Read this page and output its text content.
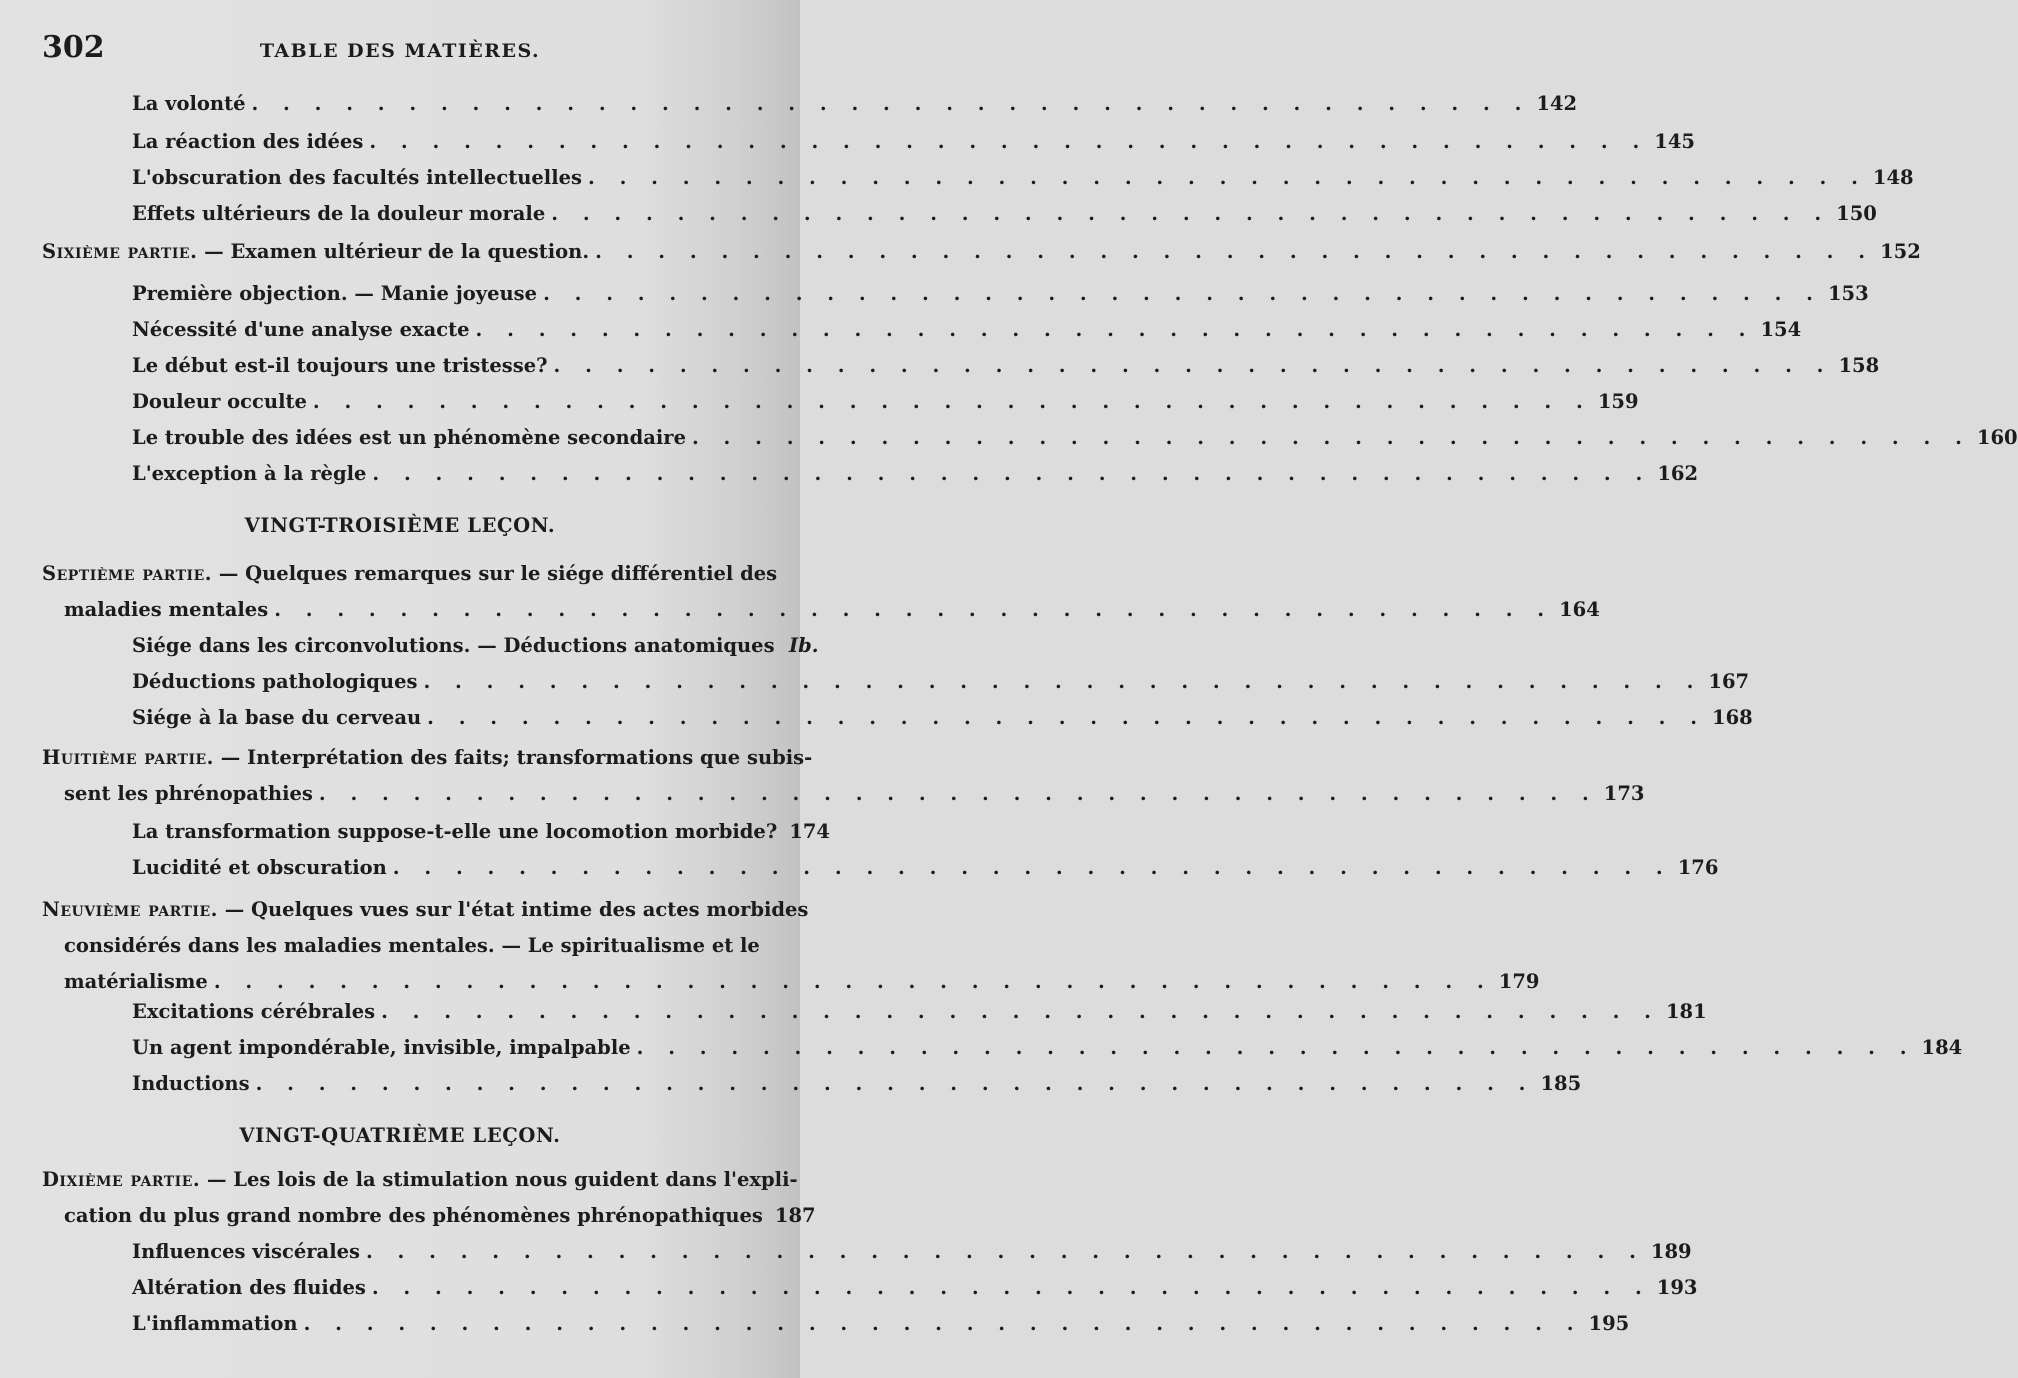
302	TABLE DES MATIÈRES.
La volonté . . . . . . . . . . . . . . . . . . . . . . . . . . . . . . . . . . . . . . . . . 142
La réaction des idées . . . . . . . . . . . . . . . . . . . . . . . . . . . . . . . . . . . . . . . . . 145
L'obscuration des facultés intellectuelles . . . . . . . . . . . . . . . . . . . . . . . . . . . . . . . . . . . . . . . . . 148
Effets ultérieurs de la douleur morale . . . . . . . . . . . . . . . . . . . . . . . . . . . . . . . . . . . . . . . . . 150
Sixième partie. — Examen ultérieur de la question. . . . . . . . . . . . . . . . . . . . . . . . . . . . . . . . . . . . . . . . . . 152
Première objection. — Manie joyeuse . . . . . . . . . . . . . . . . . . . . . . . . . . . . . . . . . . . . . . . . . 153
Nécessité d'une analyse exacte . . . . . . . . . . . . . . . . . . . . . . . . . . . . . . . . . . . . . . . . . 154
Le début est-il toujours une tristesse? . . . . . . . . . . . . . . . . . . . . . . . . . . . . . . . . . . . . . . . . . 158
Douleur occulte . . . . . . . . . . . . . . . . . . . . . . . . . . . . . . . . . . . . . . . . . 159
Le trouble des idées est un phénomène secondaire . . . . . . . . . . . . . . . . . . . . . . . . . . . . . . . . . . . . . . . . . 160
L'exception à la règle . . . . . . . . . . . . . . . . . . . . . . . . . . . . . . . . . . . . . . . . . 162
VINGT-TROISIÈME LEÇON.
Septième partie. — Quelques remarques sur le siége différentiel des
maladies mentales . . . . . . . . . . . . . . . . . . . . . . . . . . . . . . . . . . . . . . . . . 164
Siége dans les circonvolutions. — Déductions anatomiques Ib.
Déductions pathologiques . . . . . . . . . . . . . . . . . . . . . . . . . . . . . . . . . . . . . . . . . 167
Siége à la base du cerveau . . . . . . . . . . . . . . . . . . . . . . . . . . . . . . . . . . . . . . . . . 168
Huitième partie. — Interprétation des faits; transformations que subis-
sent les phrénopathies . . . . . . . . . . . . . . . . . . . . . . . . . . . . . . . . . . . . . . . . . 173
La transformation suppose-t-elle une locomotion morbide? 174
Lucidité et obscuration . . . . . . . . . . . . . . . . . . . . . . . . . . . . . . . . . . . . . . . . . 176
Neuvième partie. — Quelques vues sur l'état intime des actes morbides
considérés dans les maladies mentales. — Le spiritualisme et le
matérialisme . . . . . . . . . . . . . . . . . . . . . . . . . . . . . . . . . . . . . . . . . 179
Excitations cérébrales . . . . . . . . . . . . . . . . . . . . . . . . . . . . . . . . . . . . . . . . . 181
Un agent impondérable, invisible, impalpable . . . . . . . . . . . . . . . . . . . . . . . . . . . . . . . . . . . . . . . . . 184
Inductions . . . . . . . . . . . . . . . . . . . . . . . . . . . . . . . . . . . . . . . . . 185
VINGT-QUATRIÈME LEÇON.
Dixième partie. — Les lois de la stimulation nous guident dans l'expli-
cation du plus grand nombre des phénomènes phrénopathiques 187
Influences viscérales . . . . . . . . . . . . . . . . . . . . . . . . . . . . . . . . . . . . . . . . . 189
Altération des fluides . . . . . . . . . . . . . . . . . . . . . . . . . . . . . . . . . . . . . . . . . 193
L'inflammation . . . . . . . . . . . . . . . . . . . . . . . . . . . . . . . . . . . . . . . . . 195
